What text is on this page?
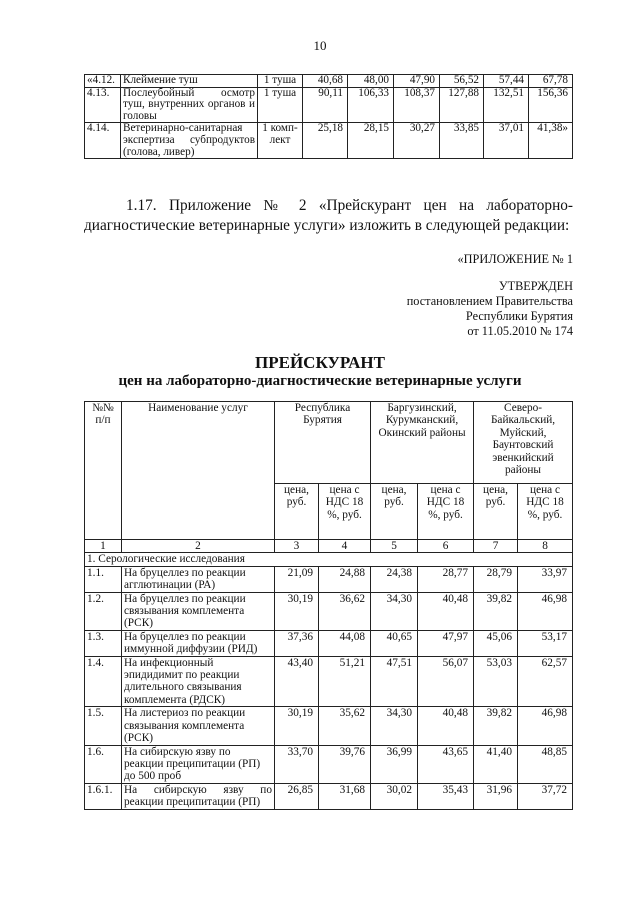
10
«4.12.	Клеймение туш	1 туша	40,68	48,00	47,90	56,52	57,44	67,78
4.13.	Послеубойный осмотр туш, внутренних органов и головы	1 туша	90,11	106,33	108,37	127,88	132,51	156,36
4.14.	Ветеринарно-санитарная экспертиза субпродуктов (голова, ливер)	1 комп-лект	25,18	28,15	30,27	33,85	37,01	41,38»
1.17. Приложение № 2 «Прейскурант цен на лабораторно-диагностические ветеринарные услуги» изложить в следующей редакции:
«ПРИЛОЖЕНИЕ № 1
УТВЕРЖДЕН
постановлением Правительства
Республики Бурятия
от 11.05.2010 № 174
ПРЕЙСКУРАНТ
цен на лабораторно-диагностические ветеринарные услуги
№№ п/п	Наименование услуг	Республика Бурятия		Баргузинский, Курумканский, Окинский районы		Северо-Байкальский, Муйский, Баунтовский эвенкийский районы	
		цена, руб.	цена с НДС 18 %, руб.	цена, руб.	цена с НДС 18 %, руб.	цена, руб.	цена с НДС 18 %, руб.
1	2	3	4	5	6	7	8
1. Серологические исследования							
1.1.	На бруцеллез по реакции агглютинации (РА)	21,09	24,88	24,38	28,77	28,79	33,97
1.2.	На бруцеллез по реакции связывания комплемента (РСК)	30,19	36,62	34,30	40,48	39,82	46,98
1.3.	На бруцеллез по реакции иммунной диффузии (РИД)	37,36	44,08	40,65	47,97	45,06	53,17
1.4.	На инфекционный эпидидимит по реакции длительного связывания комплемента (РДСК)	43,40	51,21	47,51	56,07	53,03	62,57
1.5.	На листериоз по реакции связывания комплемента (РСК)	30,19	35,62	34,30	40,48	39,82	46,98
1.6.	На сибирскую язву по реакции преципитации (РП) до 500 проб	33,70	39,76	36,99	43,65	41,40	48,85
1.6.1.	На сибирскую язву по реакции преципитации (РП)	26,85	31,68	30,02	35,43	31,96	37,72
